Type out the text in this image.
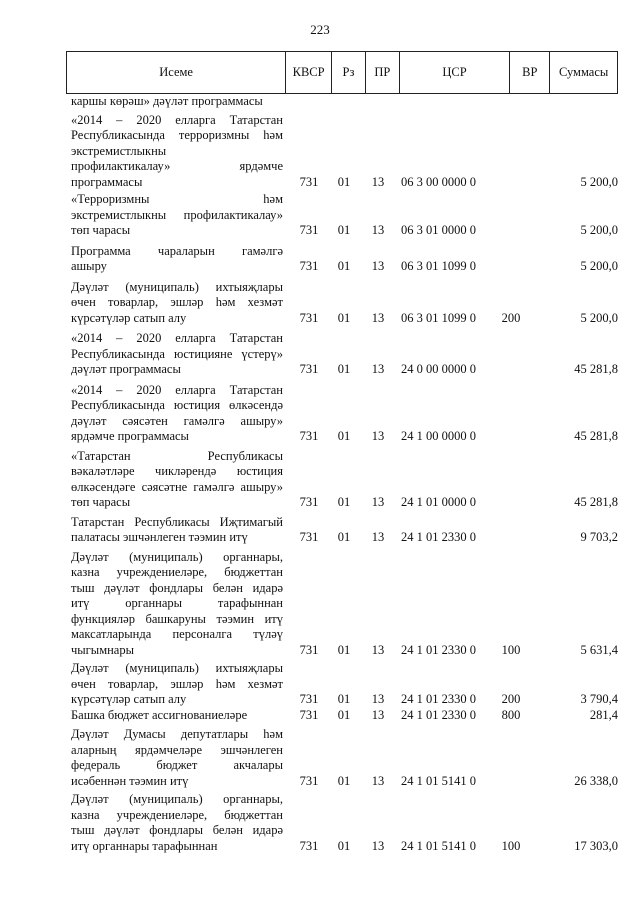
223
Исеме	КВСР	Рз	ПР	ЦСР	ВР	Суммасы
каршы көрәш» дәүләт программасы
«2014 – 2020 елларга Татарстан
Республикасында терроризмны һәм
экстремистлыкны
профилактикалау» ярдәмче
программасы	731	01	13	06 3 00 0000 0	5 200,0
«Терроризмны һәм
экстремистлыкны профилактикалау»
төп чарасы	731	01	13	06 3 01 0000 0	5 200,0
Программа чараларын гамәлгә
ашыру	731	01	13	06 3 01 1099 0	5 200,0
Дәүләт (муниципаль) ихтыяҗлары
өчен товарлар, эшләр һәм хезмәт
күрсәтүләр сатып алу	731	01	13	06 3 01 1099 0	200	5 200,0
«2014 – 2020 елларга Татарстан
Республикасында юстицияне үстерү»
дәүләт программасы	731	01	13	24 0 00 0000 0	45 281,8
«2014 – 2020 елларга Татарстан
Республикасында юстиция өлкәсендә
дәүләт сәясәтен гамәлгә ашыру»
ярдәмче программасы	731	01	13	24 1 00 0000 0	45 281,8
«Татарстан Республикасы
вәкаләтләре чикләрендә юстиция
өлкәсендәге сәясәтне гамәлгә ашыру»
төп чарасы	731	01	13	24 1 01 0000 0	45 281,8
Татарстан Республикасы Иҗтимагый
палатасы эшчәнлеген тәэмин итү	731	01	13	24 1 01 2330 0	9 703,2
Дәүләт (муниципаль) органнары,
казна учреждениеләре, бюджеттан
тыш дәүләт фондлары белән идарә
итү органнары тарафыннан
функцияләр башкаруны тәэмин итү
максатларында персоналга түләү
чыгымнары	731	01	13	24 1 01 2330 0	100	5 631,4
Дәүләт (муниципаль) ихтыяҗлары
өчен товарлар, эшләр һәм хезмәт
күрсәтүләр сатып алу	731	01	13	24 1 01 2330 0	200	3 790,4
Башка бюджет ассигнованиеләре	731	01	13	24 1 01 2330 0	800	281,4
Дәүләт Думасы депутатлары һәм
аларның ярдәмчеләре эшчәнлеген
федераль бюджет акчалары
исәбеннән тәэмин итү	731	01	13	24 1 01 5141 0	26 338,0
Дәүләт (муниципаль) органнары,
казна учреждениеләре, бюджеттан
тыш дәүләт фондлары белән идарә
итү органнары тарафыннан	731	01	13	24 1 01 5141 0	100	17 303,0
